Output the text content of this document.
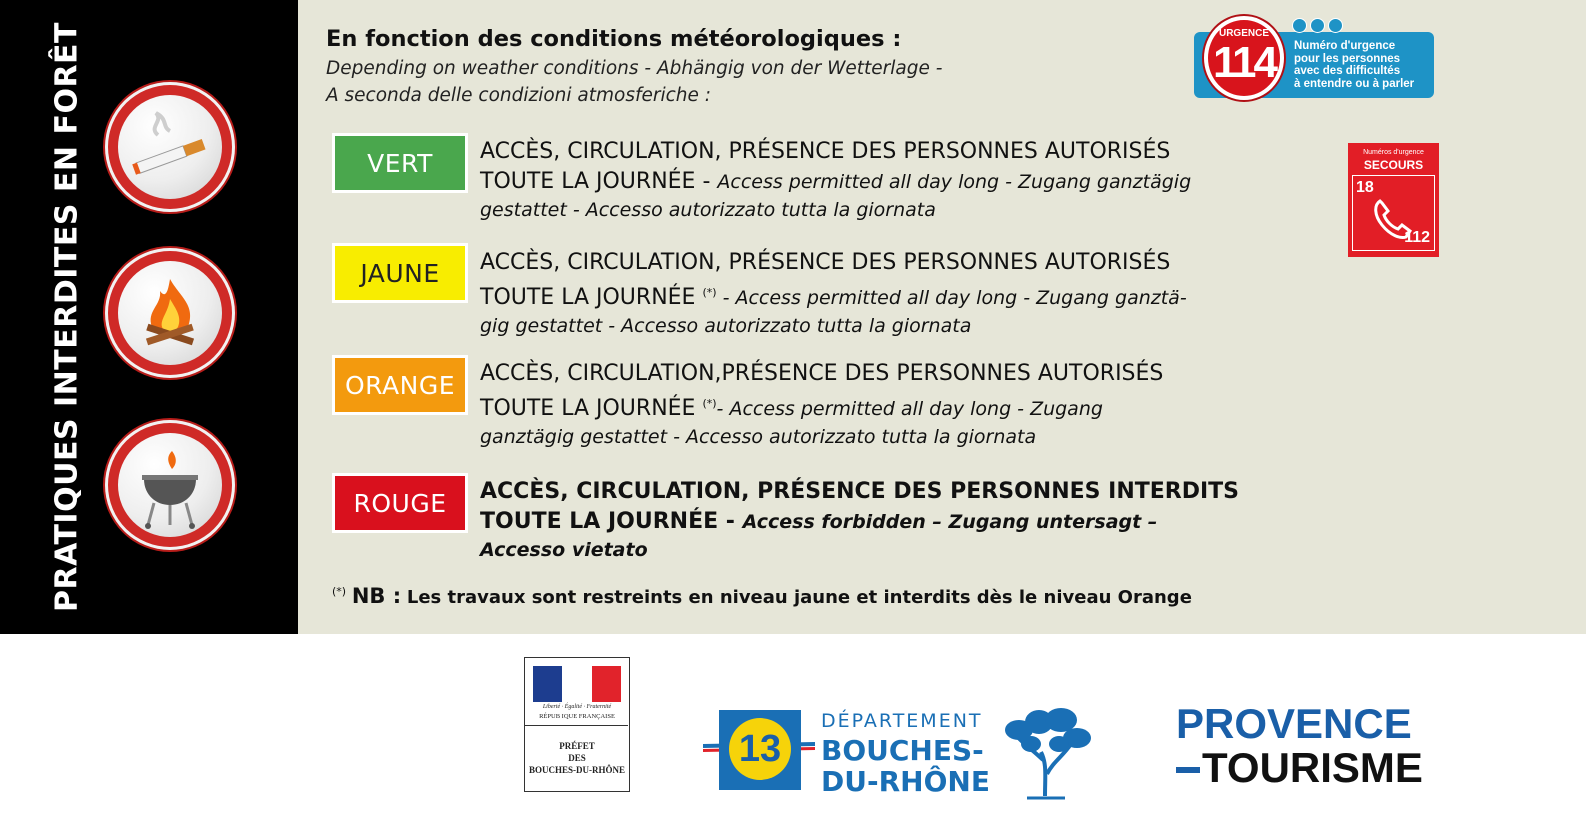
PRATIQUES INTERDITES EN FORÊT	En fonction des conditions météorologiques :
Depending on weather conditions - Abhängig von der Wetterlage -
A seconda delle condizioni atmosferiche :
VERT	ACCÈS, CIRCULATION, PRÉSENCE DES PERSONNES AUTORISÉS
TOUTE LA JOURNÉE - Access permitted all day long - Zugang ganztägig
gestattet - Accesso autorizzato tutta la giornata
JAUNE	ACCÈS, CIRCULATION, PRÉSENCE DES PERSONNES AUTORISÉS
TOUTE LA JOURNÉE (*) - Access permitted all day long - Zugang ganztä-
gig gestattet - Accesso autorizzato tutta la giornata
ORANGE	ACCÈS, CIRCULATION,PRÉSENCE DES PERSONNES AUTORISÉS
TOUTE LA JOURNÉE (*)- Access permitted all day long - Zugang
ganztägig gestattet - Accesso autorizzato tutta la giornata
ROUGE	ACCÈS, CIRCULATION, PRÉSENCE DES PERSONNES INTERDITS
TOUTE LA JOURNÉE - Access forbidden – Zugang untersagt –
Accesso vietato
(*) NB : Les travaux sont restreints en niveau jaune et interdits dès le niveau Orange
URGENCE
114	Numéro d'urgence
pour les personnes
avec des difficultés
à entendre ou à parler
Numéros d'urgence
SECOURS
18
112
Liberté · Égalité · Fraternité
RÉPUB IQUE FRANÇAISE
PRÉFET
DES
BOUCHES-DU-RHÔNE	13
DÉPARTEMENT
BOUCHES-
DU-RHÔNE
PROVENCE
TOURISME
